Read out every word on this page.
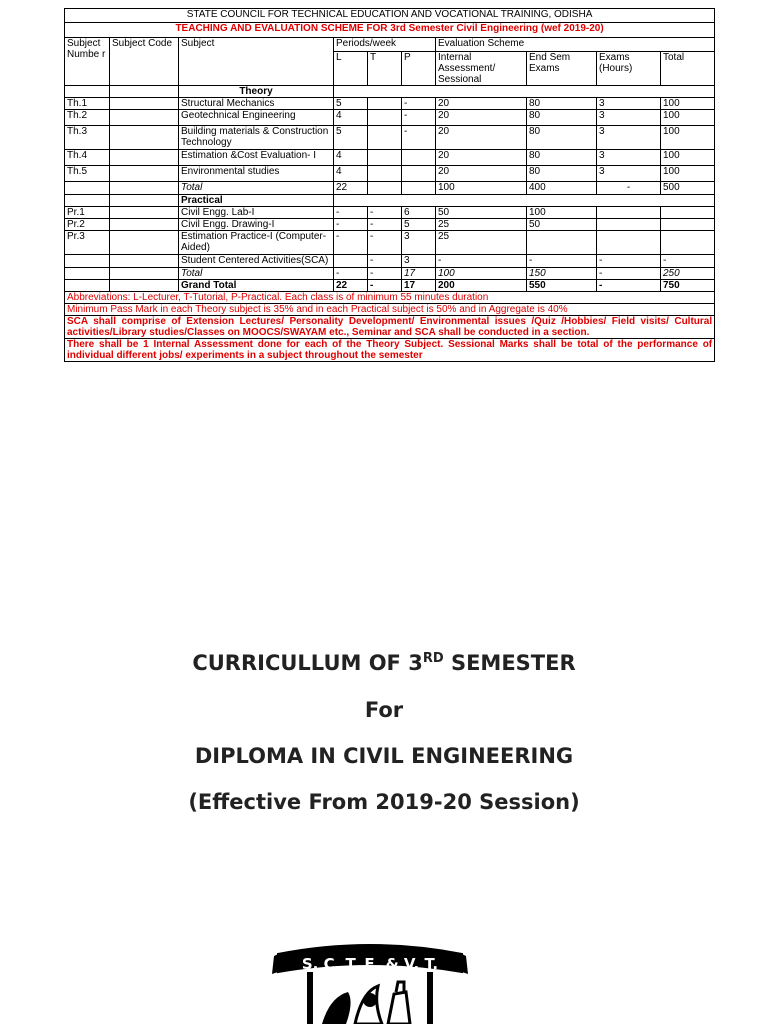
STATE COUNCIL FOR TECHNICAL EDUCATION AND VOCATIONAL TRAINING, ODISHA									
TEACHING AND EVALUATION SCHEME FOR 3rd Semester Civil Engineering (wef 2019-20)									
Subject Numbe r	Subject Code	Subject	Periods/week			Evaluation Scheme			
			L	T	P	Internal Assessment/ Sessional	End Sem Exams	Exams (Hours)	Total
		Theory							
Th.1		Structural Mechanics	5		-	20	80	3	100
Th.2		Geotechnical Engineering	4		-	20	80	3	100
Th.3		Building materials & Construction Technology	5		-	20	80	3	100
Th.4		Estimation &Cost Evaluation- I	4			20	80	3	100
Th.5		Environmental studies	4			20	80	3	100
		Total	22			100	400	-	500
		Practical							
Pr.1		Civil Engg. Lab-I	-	-	6	50	100		
Pr.2		Civil Engg. Drawing-I	-	-	5	25	50		
Pr.3		Estimation Practice-I (Computer-Aided)	-	-	3	25			
		Student Centered Activities(SCA)		-	3	-	-	-	-
		Total	-	-	17	100	150	-	250
		Grand Total	22	-	17	200	550	-	750
Abbreviations: L-Lecturer, T-Tutorial, P-Practical. Each class is of minimum 55 minutes duration									
Minimum Pass Mark in each Theory subject is 35% and in each Practical subject is 50% and in Aggregate is 40%									
SCA shall comprise of Extension Lectures/ Personality Development/ Environmental issues /Quiz /Hobbies/ Field visits/ Cultural activities/Library studies/Classes on MOOCS/SWAYAM etc., Seminar and SCA shall be conducted in a section.									
There shall be 1 Internal Assessment done for each of the Theory Subject. Sessional Marks shall be total of the performance of individual different jobs/ experiments in a subject throughout the semester									
CURRICULLUM OF 3RD SEMESTER
For
DIPLOMA IN CIVIL ENGINEERING
(Effective From 2019-20 Session)
S. C. T. E. & V. T.
